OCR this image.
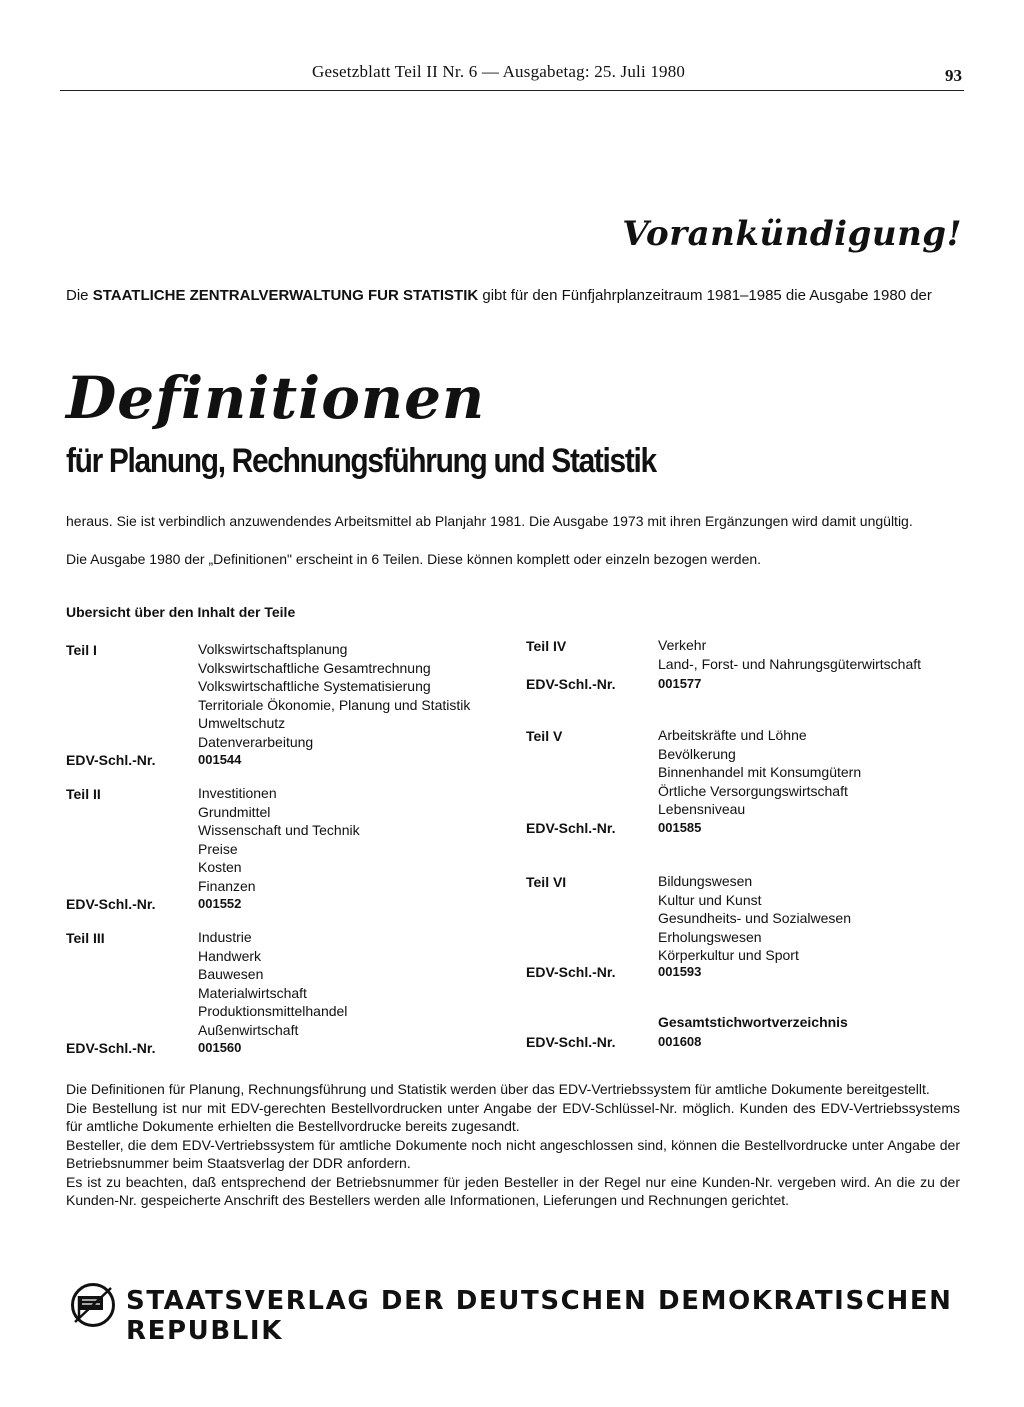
Gesetzblatt Teil II Nr. 6 — Ausgabetag: 25. Juli 1980	93
Vorankündigung!
Die STAATLICHE ZENTRALVERWALTUNG FUR STATISTIK gibt für den Fünfjahrplanzeitraum 1981–1985 die Ausgabe 1980 der
Definitionen
für Planung, Rechnungsführung und Statistik
heraus. Sie ist verbindlich anzuwendendes Arbeitsmittel ab Planjahr 1981. Die Ausgabe 1973 mit ihren Ergänzungen wird damit ungültig.
Die Ausgabe 1980 der „Definitionen" erscheint in 6 Teilen. Diese können komplett oder einzeln bezogen werden.
Ubersicht über den Inhalt der Teile
Teil I	Volkswirtschaftsplanung
Volkswirtschaftliche Gesamtrechnung
Volkswirtschaftliche Systematisierung
Territoriale Ökonomie, Planung und Statistik
Umweltschutz
Datenverarbeitung
EDV-Schl.-Nr.	001544
Teil II	Investitionen
Grundmittel
Wissenschaft und Technik
Preise
Kosten
Finanzen
EDV-Schl.-Nr.	001552
Teil III	Industrie
Handwerk
Bauwesen
Materialwirtschaft
Produktionsmittelhandel
Außenwirtschaft
EDV-Schl.-Nr.	001560
Teil IV	Verkehr
Land-, Forst- und Nahrungsgüterwirtschaft
EDV-Schl.-Nr.	001577
Teil V	Arbeitskräfte und Löhne
Bevölkerung
Binnenhandel mit Konsumgütern
Örtliche Versorgungswirtschaft
Lebensniveau
EDV-Schl.-Nr.	001585
Teil VI	Bildungswesen
Kultur und Kunst
Gesundheits- und Sozialwesen
Erholungswesen
Körperkultur und Sport
EDV-Schl.-Nr.	001593
Gesamtstichwortverzeichnis
EDV-Schl.-Nr.	001608

Die Definitionen für Planung, Rechnungsführung und Statistik werden über das EDV-Vertriebssystem für amtliche Dokumente bereitgestellt.

Die Bestellung ist nur mit EDV-gerechten Bestellvordrucken unter Angabe der EDV-Schlüssel-Nr. möglich. Kunden des EDV-Vertriebssystems für amtliche Dokumente erhielten die Bestellvordrucke bereits zugesandt.

Besteller, die dem EDV-Vertriebssystem für amtliche Dokumente noch nicht angeschlossen sind, können die Bestellvordrucke unter Angabe der Betriebsnummer beim Staatsverlag der DDR anfordern.

Es ist zu beachten, daß entsprechend der Betriebsnummer für jeden Besteller in der Regel nur eine Kunden-Nr. vergeben wird. An die zu der Kunden-Nr. gespeicherte Anschrift des Bestellers werden alle Informationen, Lieferungen und Rechnungen gerichtet.

STAATSVERLAG DER DEUTSCHEN DEMOKRATISCHEN REPUBLIK
